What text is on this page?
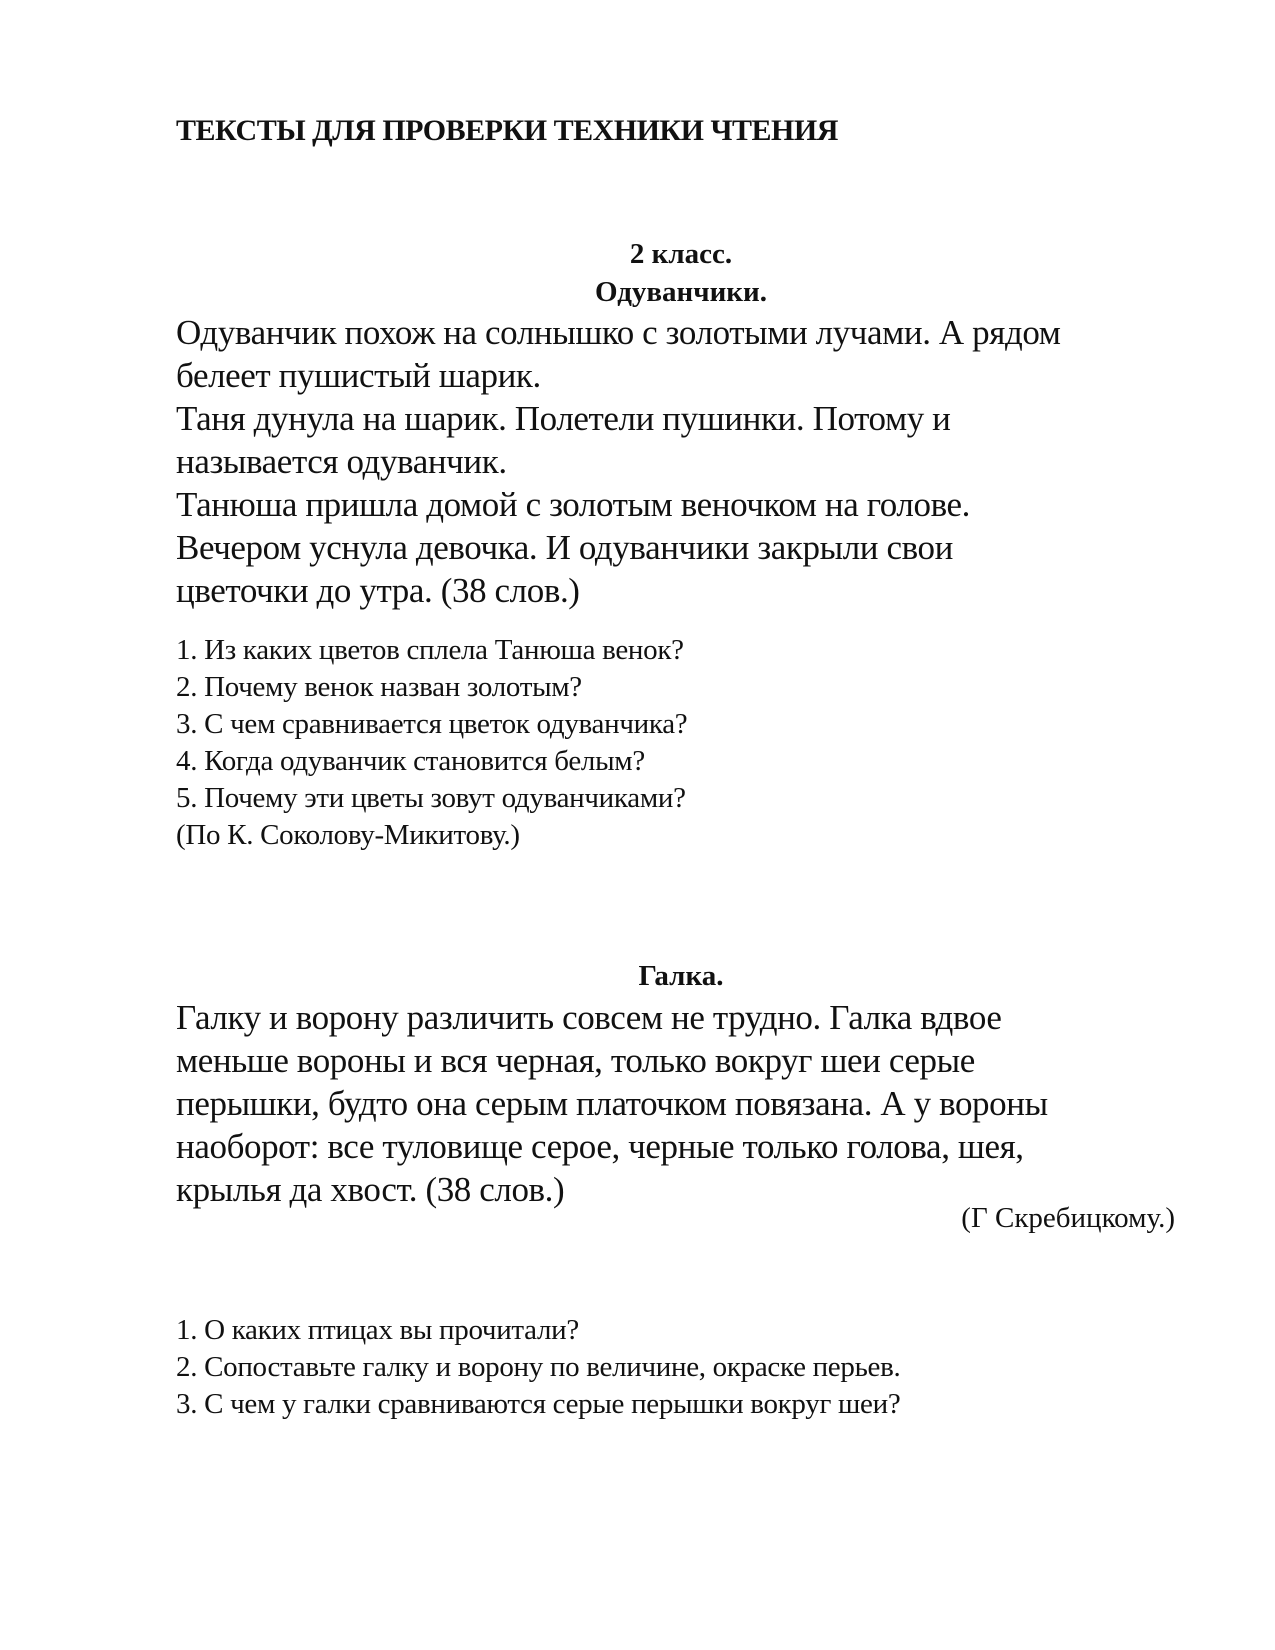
ТЕКСТЫ ДЛЯ ПРОВЕРКИ ТЕХНИКИ ЧТЕНИЯ
2 класс.
Одуванчики.
Одуванчик похож на солнышко с золотыми лучами. А рядом
белеет пушистый шарик.
Таня дунула на шарик. Полетели пушинки. Потому и
называется одуванчик.
Танюша пришла домой с золотым веночком на голове.
Вечером уснула девочка. И одуванчики закрыли свои
цветочки до утра. (38 слов.)
1. Из каких цветов сплела Танюша венок?
2. Почему венок назван золотым?
3. С чем сравнивается цветок одуванчика?
4. Когда одуванчик становится белым?
5. Почему эти цветы зовут одуванчиками?
(По К. Соколову-Микитову.)
Галка.
Галку и ворону различить совсем не трудно. Галка вдвое
меньше вороны и вся черная, только вокруг шеи серые
перышки, будто она серым платочком повязана. А у вороны
наоборот: все туловище серое, черные только голова, шея,
крылья да хвост. (38 слов.)
(Г Скребицкому.)
1. О каких птицах вы прочитали?
2. Сопоставьте галку и ворону по величине, окраске перьев.
3. С чем у галки сравниваются серые перышки вокруг шеи?
